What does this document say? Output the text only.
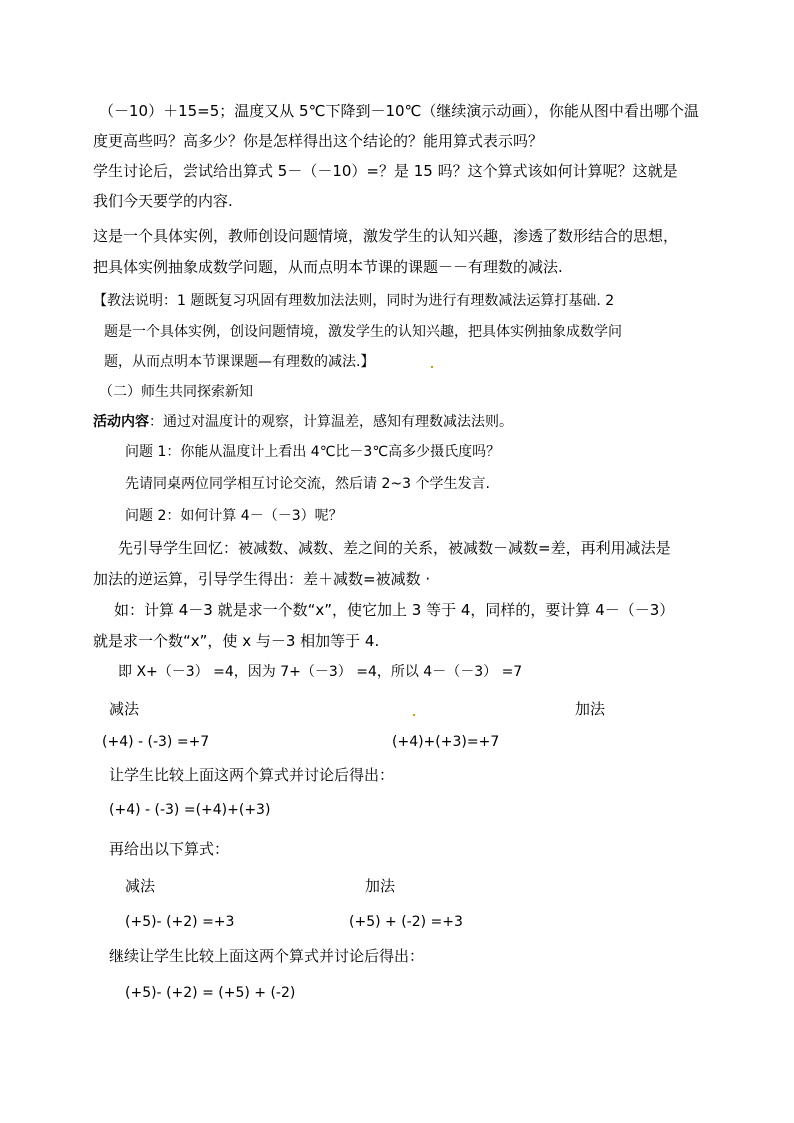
（－10）＋15=5；温度又从 5℃下降到－10℃（继续演示动画），你能从图中看出哪个温
度更高些吗？高多少？你是怎样得出这个结论的？能用算式表示吗？
学生讨论后，尝试给出算式 5－（－10）=？是 15 吗？这个算式该如何计算呢？这就是
我们今天要学的内容.
这是一个具体实例，教师创设问题情境，激发学生的认知兴趣，渗透了数形结合的思想，
把具体实例抽象成数学问题，从而点明本节课的课题－－有理数的减法.
【教法说明：1 题既复习巩固有理数加法法则，同时为进行有理数减法运算打基础. 2
题是一个具体实例，创设问题情境，激发学生的认知兴趣，把具体实例抽象成数学问
题，从而点明本节课课题—有理数的减法.】
（二）师生共同探索新知
活动内容：通过对温度计的观察，计算温差，感知有理数减法法则。
问题 1：你能从温度计上看出 4℃比－3℃高多少摄氏度吗？
先请同桌两位同学相互讨论交流，然后请 2~3 个学生发言.
问题 2：如何计算 4－（－3）呢？
先引导学生回忆：被减数、减数、差之间的关系，被减数－减数=差，再利用减法是
加法的逆运算，引导学生得出：差＋减数=被减数 ·
如：计算 4－3 就是求一个数“x”，使它加上 3 等于 4，同样的，要计算 4－（－3）
就是求一个数“x”，使 x 与－3 相加等于 4.
即 X+（－3） =4，因为 7+（－3） =4，所以 4－（－3） =7
减法	加法
(+4) - (-3) =+7	(+4)+(+3)=+7
让学生比较上面这两个算式并讨论后得出：
(+4) - (-3) =(+4)+(+3)
再给出以下算式：
减法	加法
(+5)- (+2) =+3	(+5) + (-2) =+3
继续让学生比较上面这两个算式并讨论后得出：
(+5)- (+2) = (+5) + (-2)
